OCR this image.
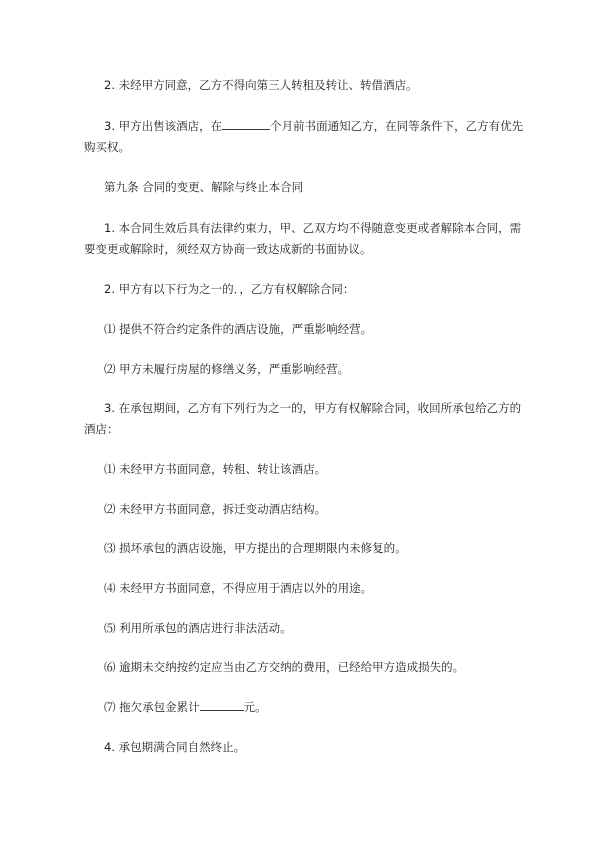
2. 未经甲方同意，乙方不得向第三人转租及转让、转借酒店。

3. 甲方出售该酒店，在	个月前书面通知乙方，在同等条件下，乙方有优先购买权。

第九条 合同的变更、解除与终止本合同

1. 本合同生效后具有法律约束力，甲、乙双方均不得随意变更或者解除本合同，需要变更或解除时，须经双方协商一致达成新的书面协议。

2. 甲方有以下行为之一的．，乙方有权解除合同：

⑴ 提供不符合约定条件的酒店设施，严重影响经营。

⑵ 甲方未履行房屋的修缮义务，严重影响经营。

3. 在承包期间，乙方有下列行为之一的，甲方有权解除合同，收回所承包给乙方的酒店：

⑴ 未经甲方书面同意，转租、转让该酒店。

⑵ 未经甲方书面同意，拆迁变动酒店结构。

⑶ 损坏承包的酒店设施，甲方提出的合理期限内未修复的。

⑷ 未经甲方书面同意，不得应用于酒店以外的用途。

⑸ 利用所承包的酒店进行非法活动。

⑹ 逾期未交纳按约定应当由乙方交纳的费用，已经给甲方造成损失的。

⑺ 拖欠承包金累计	元。

4. 承包期满合同自然终止。
